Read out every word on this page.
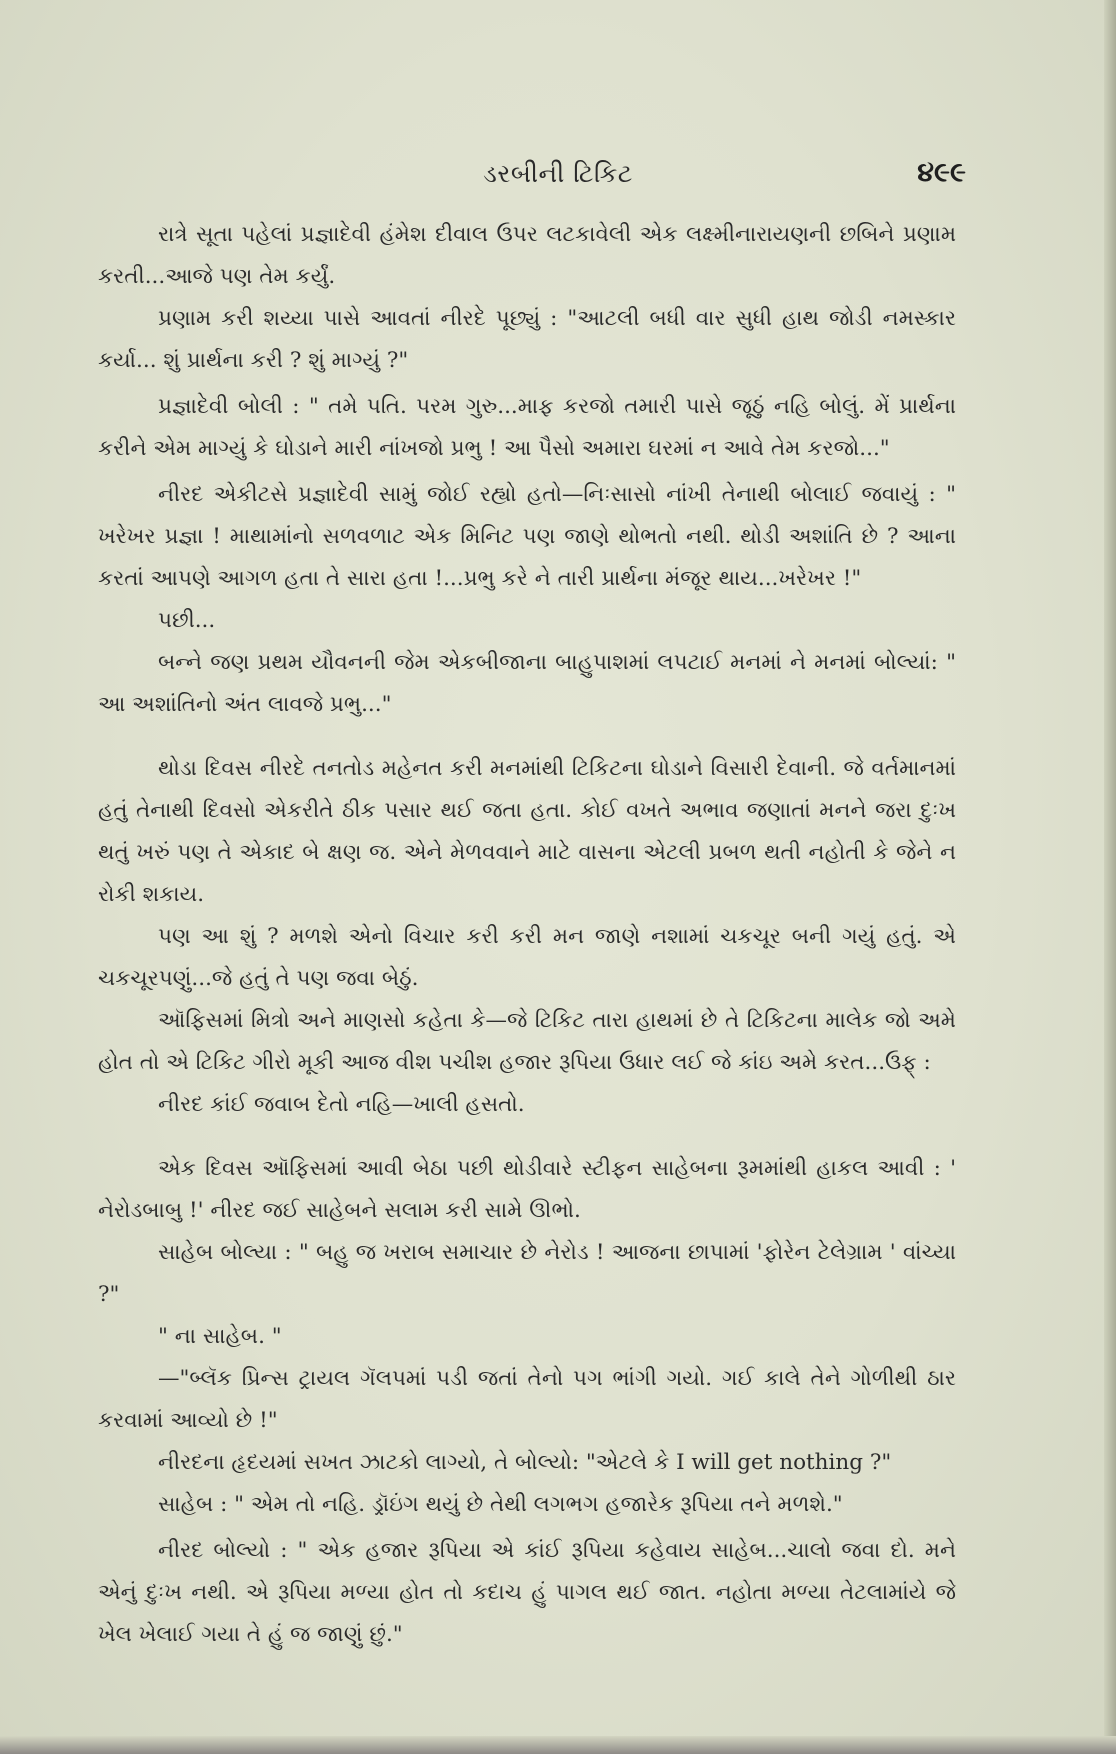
ડરબીની ટિકિટ	૪૯૯

રાત્રે સૂતા પહેલાં પ્રજ્ઞાદેવી હંમેશ દીવાલ ઉપર લટકાવેલી એક લક્ષ્મીનારાયણની છબિને પ્રણામ કરતી...આજે પણ તેમ કર્યું.

પ્રણામ કરી શય્યા પાસે આવતાં નીરદે પૂછ્યું : "આટલી બધી વાર સુધી હાથ જોડી નમસ્કાર કર્યા... શું પ્રાર્થના કરી ? શું માગ્યું ?"

પ્રજ્ઞાદેવી બોલી : " તમે પતિ. પરમ ગુરુ...માફ કરજો તમારી પાસે જૂઠું નહિ બોલું. મેં પ્રાર્થના કરીને એમ માગ્યું કે ઘોડાને મારી નાંખજો પ્રભુ ! આ પૈસો અમારા ઘરમાં ન આવે તેમ કરજો..."

નીરદ એકીટસે પ્રજ્ઞાદેવી સામું જોઈ રહ્યો હતો—નિઃસાસો નાંખી તેનાથી બોલાઈ જવાયું : " ખરેખર પ્રજ્ઞા ! માથામાંનો સળવળાટ એક મિનિટ પણ જાણે થોભતો નથી. થોડી અશાંતિ છે ? આના કરતાં આપણે આગળ હતા તે સારા હતા !...પ્રભુ કરે ને તારી પ્રાર્થના મંજૂર થાય...ખરેખર !"

પછી...

બન્ને જણ પ્રથમ યૌવનની જેમ એકબીજાના બાહુપાશમાં લપટાઈ મનમાં ને મનમાં બોલ્યાં: " આ અશાંતિનો અંત લાવજે પ્રભુ..."

થોડા દિવસ નીરદે તનતોડ મહેનત કરી મનમાંથી ટિકિટના ઘોડાને વિસારી દેવાની. જે વર્તમાનમાં હતું તેનાથી દિવસો એકરીતે ઠીક પસાર થઈ જતા હતા. કોઈ વખતે અભાવ જણાતાં મનને જરા દુઃખ થતું ખરું પણ તે એકાદ બે ક્ષણ જ. એને મેળવવાને માટે વાસના એટલી પ્રબળ થતી નહોતી કે જેને ન રોકી શકાય.

પણ આ શું ? મળશે એનો વિચાર કરી કરી મન જાણે નશામાં ચકચૂર બની ગયું હતું. એ ચકચૂરપણું...જે હતું તે પણ જવા બેઠું.

ઑફિસમાં મિત્રો અને માણસો કહેતા કે—જે ટિકિટ તારા હાથમાં છે તે ટિકિટના માલેક જો અમે હોત તો એ ટિકિટ ગીરો મૂકી આજ વીશ પચીશ હજાર રૂપિયા ઉધાર લઈ જે કાંઇ અમે કરત...ઉફ્ :

નીરદ કાંઈ જવાબ દેતો નહિ—ખાલી હસતો.

એક દિવસ ઑફિસમાં આવી બેઠા પછી થોડીવારે સ્ટીફન સાહેબના રૂમમાંથી હાકલ આવી : ' નેરોડબાબુ !' નીરદ જઈ સાહેબને સલામ કરી સામે ઊભો.

સાહેબ બોલ્યા : " બહુ જ ખરાબ સમાચાર છે નેરોડ ! આજના છાપામાં 'ફોરેન ટેલેગ્રામ ' વાંચ્યા ?"

" ના સાહેબ. "

—"બ્લૅક પ્રિન્સ ટ્રાયલ ગૅલપમાં પડી જતાં તેનો પગ ભાંગી ગયો. ગઈ કાલે તેને ગોળીથી ઠાર કરવામાં આવ્યો છે !"

નીરદના હૃદયમાં સખત ઝાટકો લાગ્યો, તે બોલ્યો: "એટલે કે I will get nothing ?"

સાહેબ : " એમ તો નહિ. ડ્રૉઇંગ થયું છે તેથી લગભગ હજારેક રૂપિયા તને મળશે."

નીરદ બોલ્યો : " એક હજાર રૂપિયા એ કાંઈ રૂપિયા કહેવાય સાહેબ...ચાલો જવા દો. મને એનું દુઃખ નથી. એ રૂપિયા મળ્યા હોત તો કદાચ હું પાગલ થઈ જાત. નહોતા મળ્યા તેટલામાંયે જે ખેલ ખેલાઈ ગયા તે હું જ જાણું છું."
